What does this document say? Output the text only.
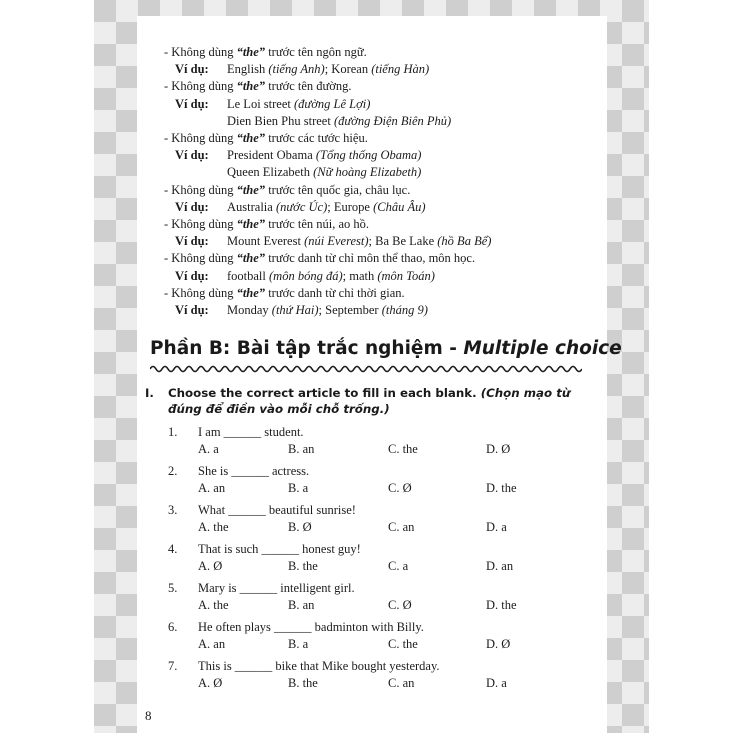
- Không dùng “the” trước tên ngôn ngữ.
Ví dụ: English (tiếng Anh); Korean (tiếng Hàn)
- Không dùng “the” trước tên đường.
Ví dụ: Le Loi street (đường Lê Lợi)
Dien Bien Phu street (đường Điện Biên Phủ)
- Không dùng “the” trước các tước hiệu.
Ví dụ: President Obama (Tổng thống Obama)
Queen Elizabeth (Nữ hoàng Elizabeth)
- Không dùng “the” trước tên quốc gia, châu lục.
Ví dụ: Australia (nước Úc); Europe (Châu Âu)
- Không dùng “the” trước tên núi, ao hồ.
Ví dụ: Mount Everest (núi Everest); Ba Be Lake (hồ Ba Bể)
- Không dùng “the” trước danh từ chỉ môn thể thao, môn học.
Ví dụ: football (môn bóng đá); math (môn Toán)
- Không dùng “the” trước danh từ chỉ thời gian.
Ví dụ: Monday (thứ Hai); September (tháng 9)
Phần B: Bài tập trắc nghiệm - Multiple choice
I. Choose the correct article to fill in each blank. (Chọn mạo từ đúng để điền vào mỗi chỗ trống.)
1. I am ______ student.
A. a	B. an	C. the	D. Ø
2. She is ______ actress.
A. an	B. a	C. Ø	D. the
3. What ______ beautiful sunrise!
A. the	B. Ø	C. an	D. a
4. That is such ______ honest guy!
A. Ø	B. the	C. a	D. an
5. Mary is ______ intelligent girl.
A. the	B. an	C. Ø	D. the
6. He often plays ______ badminton with Billy.
A. an	B. a	C. the	D. Ø
7. This is ______ bike that Mike bought yesterday.
A. Ø	B. the	C. an	D. a
8
